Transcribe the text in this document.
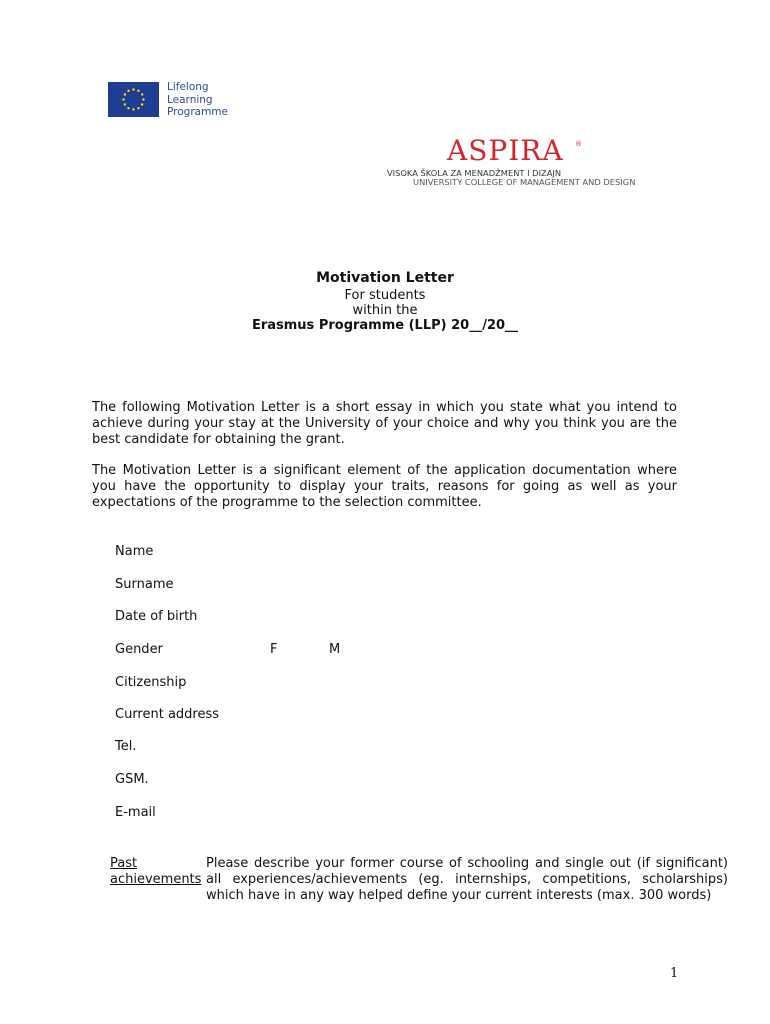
Lifelong
Learning
Programme
ASPIRA ®
VISOKA ŠKOLA ZA MENADŽMENT I DIZAJN
UNIVERSITY COLLEGE OF MANAGEMENT AND DESIGN
Motivation Letter
For students
within the
Erasmus Programme (LLP) 20__/20__
The following Motivation Letter is a short essay in which you state what you intend to achieve during your stay at the University of your choice and why you think you are the best candidate for obtaining the grant.
The Motivation Letter is a significant element of the application documentation where you have the opportunity to display your traits, reasons for going as well as your expectations of the programme to the selection committee.
Name
Surname
Date of birth
Gender	F	M
Citizenship
Current address
Tel.
GSM.
E-mail
Past achievements
Please describe your former course of schooling and single out (if significant) all experiences/achievements (eg. internships, competitions, scholarships) which have in any way helped define your current interests (max. 300 words)
1
